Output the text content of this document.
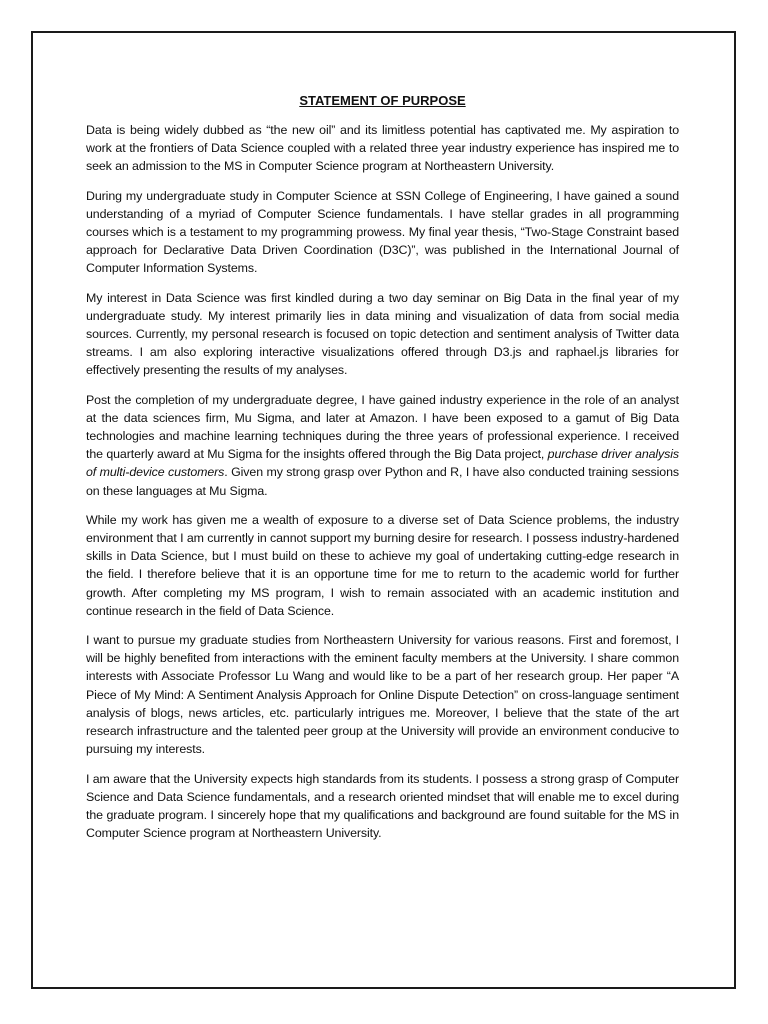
STATEMENT OF PURPOSE

Data is being widely dubbed as “the new oil” and its limitless potential has captivated me. My aspiration to work at the frontiers of Data Science coupled with a related three year industry experience has inspired me to seek an admission to the MS in Computer Science program at Northeastern University.

During my undergraduate study in Computer Science at SSN College of Engineering, I have gained a sound understanding of a myriad of Computer Science fundamentals. I have stellar grades in all programming courses which is a testament to my programming prowess. My final year thesis, “Two-Stage Constraint based approach for Declarative Data Driven Coordination (D3C)”, was published in the International Journal of Computer Information Systems.

My interest in Data Science was first kindled during a two day seminar on Big Data in the final year of my undergraduate study. My interest primarily lies in data mining and visualization of data from social media sources. Currently, my personal research is focused on topic detection and sentiment analysis of Twitter data streams. I am also exploring interactive visualizations offered through D3.js and raphael.js libraries for effectively presenting the results of my analyses.

Post the completion of my undergraduate degree, I have gained industry experience in the role of an analyst at the data sciences firm, Mu Sigma, and later at Amazon. I have been exposed to a gamut of Big Data technologies and machine learning techniques during the three years of professional experience. I received the quarterly award at Mu Sigma for the insights offered through the Big Data project, purchase driver analysis of multi-device customers. Given my strong grasp over Python and R, I have also conducted training sessions on these languages at Mu Sigma.

While my work has given me a wealth of exposure to a diverse set of Data Science problems, the industry environment that I am currently in cannot support my burning desire for research. I possess industry-hardened skills in Data Science, but I must build on these to achieve my goal of undertaking cutting-edge research in the field. I therefore believe that it is an opportune time for me to return to the academic world for further growth. After completing my MS program, I wish to remain associated with an academic institution and continue research in the field of Data Science.

I want to pursue my graduate studies from Northeastern University for various reasons. First and foremost, I will be highly benefited from interactions with the eminent faculty members at the University. I share common interests with Associate Professor Lu Wang and would like to be a part of her research group. Her paper “A Piece of My Mind: A Sentiment Analysis Approach for Online Dispute Detection” on cross-language sentiment analysis of blogs, news articles, etc. particularly intrigues me. Moreover, I believe that the state of the art research infrastructure and the talented peer group at the University will provide an environment conducive to pursuing my interests.

I am aware that the University expects high standards from its students. I possess a strong grasp of Computer Science and Data Science fundamentals, and a research oriented mindset that will enable me to excel during the graduate program. I sincerely hope that my qualifications and background are found suitable for the MS in Computer Science program at Northeastern University.
